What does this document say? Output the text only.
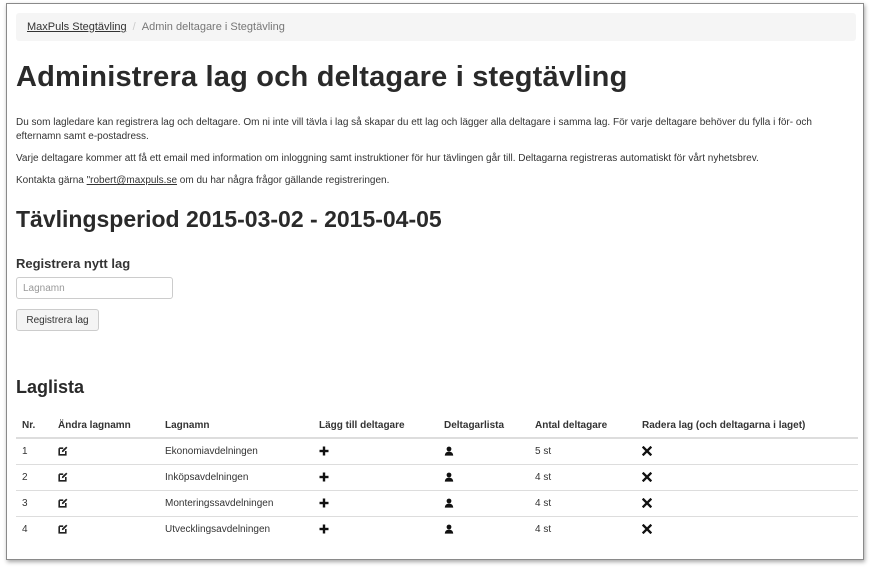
MaxPuls Stegtävling / Admin deltagare i Stegtävling
Administrera lag och deltagare i stegtävling

Du som lagledare kan registrera lag och deltagare. Om ni inte vill tävla i lag så skapar du ett lag och lägger alla deltagare i samma lag. För varje deltagare behöver du fylla i för- och efternamn samt e-postadress.

Varje deltagare kommer att få ett email med information om inloggning samt instruktioner för hur tävlingen går till. Deltagarna registreras automatiskt för vårt nyhetsbrev.

Kontakta gärna "robert@maxpuls.se om du har några frågor gällande registreringen.

Tävlingsperiod 2015-03-02 - 2015-04-05
Registrera nytt lag
Lagnamn
Registrera lag
Laglista
Nr.	Ändra lagnamn	Lagnamn	Lägg till deltagare	Deltagarlista	Antal deltagare	Radera lag (och deltagarna i laget)
1		Ekonomiavdelningen			5 st	

2		Inköpsavdelningen			4 st	

3		Monteringssavdelningen			4 st	

4		Utvecklingsavdelningen			4 st	
